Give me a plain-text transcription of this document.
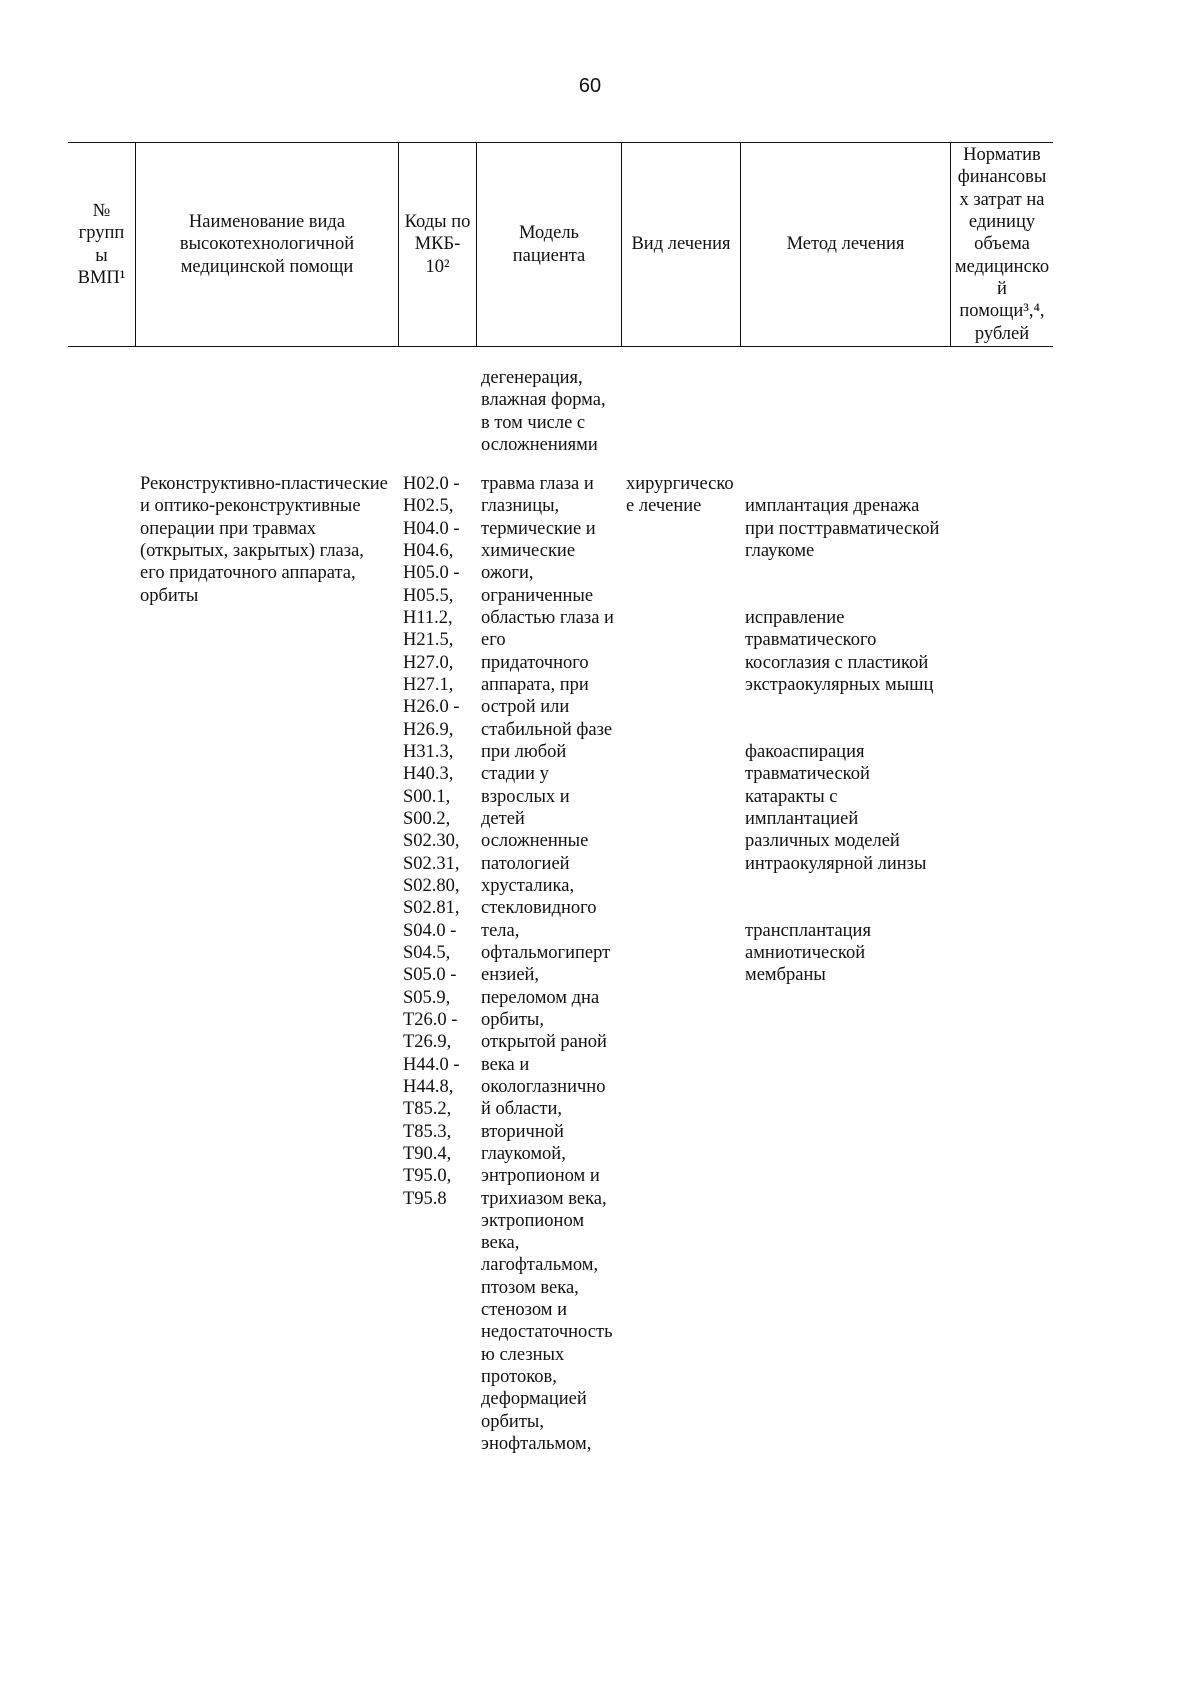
60
№
групп
ы
ВМП¹
Наименование вида
высокотехнологичной
медицинской помощи
Коды по
МКБ-
10²
Модель
пациента
Вид лечения	Метод лечения
Норматив
финансовы
х затрат на
единицу
объема
медицинско
й
помощи³,⁴,
рублей
дегенерация,
влажная форма,
в том числе с
осложнениями
Реконструктивно-пластические
и оптико-реконструктивные
операции при травмах
(открытых, закрытых) глаза,
его придаточного аппарата,
орбиты
H02.0 -
H02.5,
H04.0 -
H04.6,
H05.0 -
H05.5,
H11.2,
H21.5,
H27.0,
H27.1,
H26.0 -
H26.9,
H31.3,
H40.3,
S00.1,
S00.2,
S02.30,
S02.31,
S02.80,
S02.81,
S04.0 -
S04.5,
S05.0 -
S05.9,
T26.0 -
T26.9,
H44.0 -
H44.8,
T85.2,
T85.3,
T90.4,
T95.0,
T95.8
травма глаза и
глазницы,
термические и
химические
ожоги,
ограниченные
областью глаза и
его
придаточного
аппарата, при
острой или
стабильной фазе
при любой
стадии у
взрослых и
детей
осложненные
патологией
хрусталика,
стекловидного
тела,
офтальмогиперт
ензией,
переломом дна
орбиты,
открытой раной
века и
окологлазнично
й области,
вторичной
глаукомой,
энтропионом и
трихиазом века,
эктропионом
века,
лагофтальмом,
птозом века,
стенозом и
недостаточность
ю слезных
протоков,
деформацией
орбиты,
энофтальмом,
хирургическо
е лечение	имплантация дренажа
при посттравматической
глаукоме

исправление
травматического
косоглазия с пластикой
экстраокулярных мышц

факоаспирация
травматической
катаракты с
имплантацией
различных моделей
интраокулярной линзы

трансплантация
амниотической
мембраны
